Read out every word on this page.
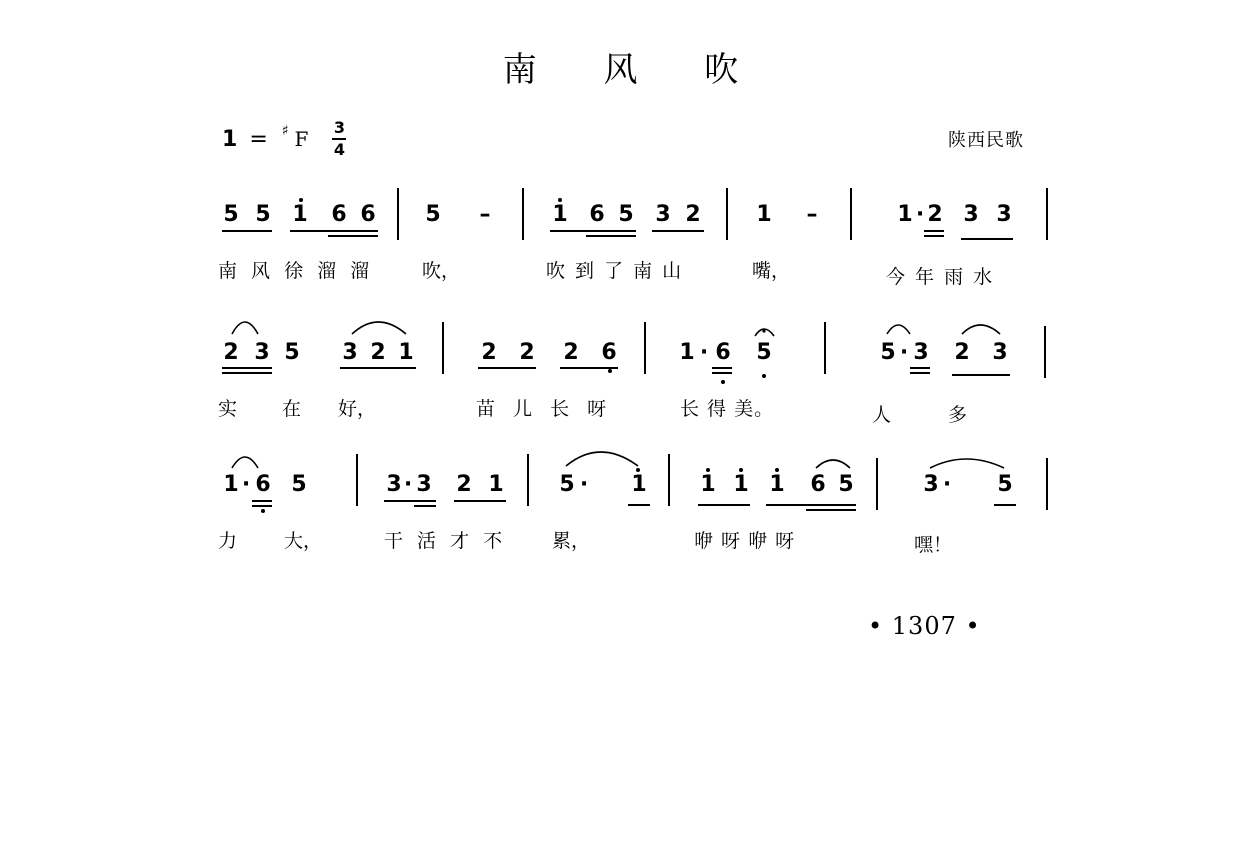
南 风 吹
1 = ♯ F 3
4	陕西民歌
5 5 1 6 6 5 –	1 6 5 3 2	1 –	1 · 2 3 3
南 风 徐 溜 溜	吹，	吹 到 了 南 山	嘴，	今 年 雨 水
2 3 5 3 2 1	2 2 2 6	1 · 6 5	5 · 3 2 3
实 在 好，	苗 儿 长 呀	长 得 美。	人	多
1 · 6 5	3 · 3 2 1	5 · 1 1 1 1 6 5	3 · 5
力 大，	干 活 才 不 累，	咿 呀 咿 呀	嘿！
• 1307 •
